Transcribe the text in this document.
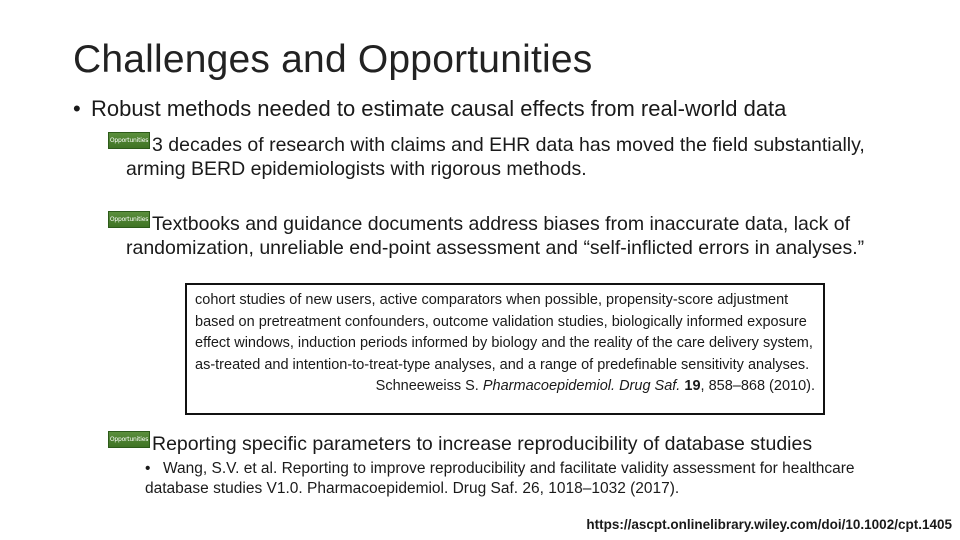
Challenges and Opportunities
• Robust methods needed to estimate causal effects from real-world data
Opportunities 3 decades of research with claims and EHR data has moved the field substantially, arming BERD epidemiologists with rigorous methods.
Opportunities Textbooks and guidance documents address biases from inaccurate data, lack of randomization, unreliable end-point assessment and “self-inflicted errors in analyses.”
cohort studies of new users, active comparators when possible, propensity-score adjustment based on pretreatment confounders, outcome validation studies, biologically informed exposure effect windows, induction periods informed by biology and the reality of the care delivery system, as-treated and intention-to-treat-type analyses, and a range of predefinable sensitivity analyses.
Schneeweiss S. Pharmacoepidemiol. Drug Saf. 19, 858–868 (2010).
Opportunities Reporting specific parameters to increase reproducibility of database studies
• Wang, S.V. et al. Reporting to improve reproducibility and facilitate validity assessment for healthcare database studies V1.0. Pharmacoepidemiol. Drug Saf. 26, 1018–1032 (2017).
https://ascpt.onlinelibrary.wiley.com/doi/10.1002/cpt.1405
